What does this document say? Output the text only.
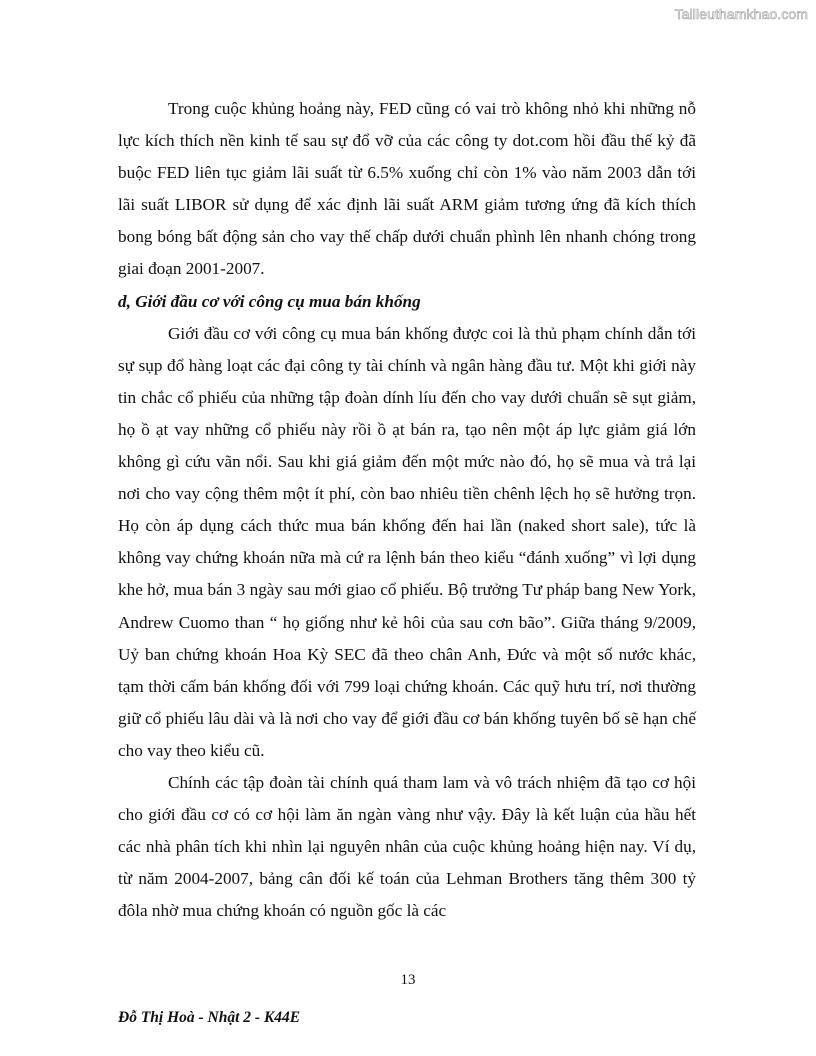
Tailieuthamkhao.com

Trong cuộc khủng hoảng này, FED cũng có vai trò không nhỏ khi những nỗ lực kích thích nền kinh tế sau sự đổ vỡ của các công ty dot.com hồi đầu thế kỷ đã buộc FED liên tục giảm lãi suất từ 6.5% xuống chỉ còn 1% vào năm 2003 dẫn tới lãi suất LIBOR sử dụng để xác định lãi suất ARM giảm tương ứng đã kích thích bong bóng bất động sản cho vay thế chấp dưới chuẩn phình lên nhanh chóng trong giai đoạn 2001-2007.

d, Giới đầu cơ với công cụ mua bán khống

Giới đầu cơ với công cụ mua bán khống được coi là thủ phạm chính dẫn tới sự sụp đổ hàng loạt các đại công ty tài chính và ngân hàng đầu tư. Một khi giới này tin chắc cổ phiếu của những tập đoàn dính líu đến cho vay dưới chuẩn sẽ sụt giảm, họ ồ ạt vay những cổ phiếu này rồi ồ ạt bán ra, tạo nên một áp lực giảm giá lớn không gì cứu vãn nổi. Sau khi giá giảm đến một mức nào đó, họ sẽ mua và trả lại nơi cho vay cộng thêm một ít phí, còn bao nhiêu tiền chênh lệch họ sẽ hưởng trọn. Họ còn áp dụng cách thức mua bán khống đến hai lần (naked short sale), tức là không vay chứng khoán nữa mà cứ ra lệnh bán theo kiểu “đánh xuống” vì lợi dụng khe hở, mua bán 3 ngày sau mới giao cổ phiếu. Bộ trưởng Tư pháp bang New York, Andrew Cuomo than “ họ giống như kẻ hôi của sau cơn bão”. Giữa tháng 9/2009, Uỷ ban chứng khoán Hoa Kỳ SEC đã theo chân Anh, Đức và một số nước khác, tạm thời cấm bán khống đối với 799 loại chứng khoán. Các quỹ hưu trí, nơi thường giữ cổ phiếu lâu dài và là nơi cho vay để giới đầu cơ bán khống tuyên bố sẽ hạn chế cho vay theo kiểu cũ.

Chính các tập đoàn tài chính quá tham lam và vô trách nhiệm đã tạo cơ hội cho giới đầu cơ có cơ hội làm ăn ngàn vàng như vậy. Đây là kết luận của hầu hết các nhà phân tích khi nhìn lại nguyên nhân của cuộc khủng hoảng hiện nay. Ví dụ, từ năm 2004-2007, bảng cân đối kế toán của Lehman Brothers tăng thêm 300 tỷ đôla nhờ mua chứng khoán có nguồn gốc là các

13
Đỗ Thị Hoà - Nhật 2 - K44E
